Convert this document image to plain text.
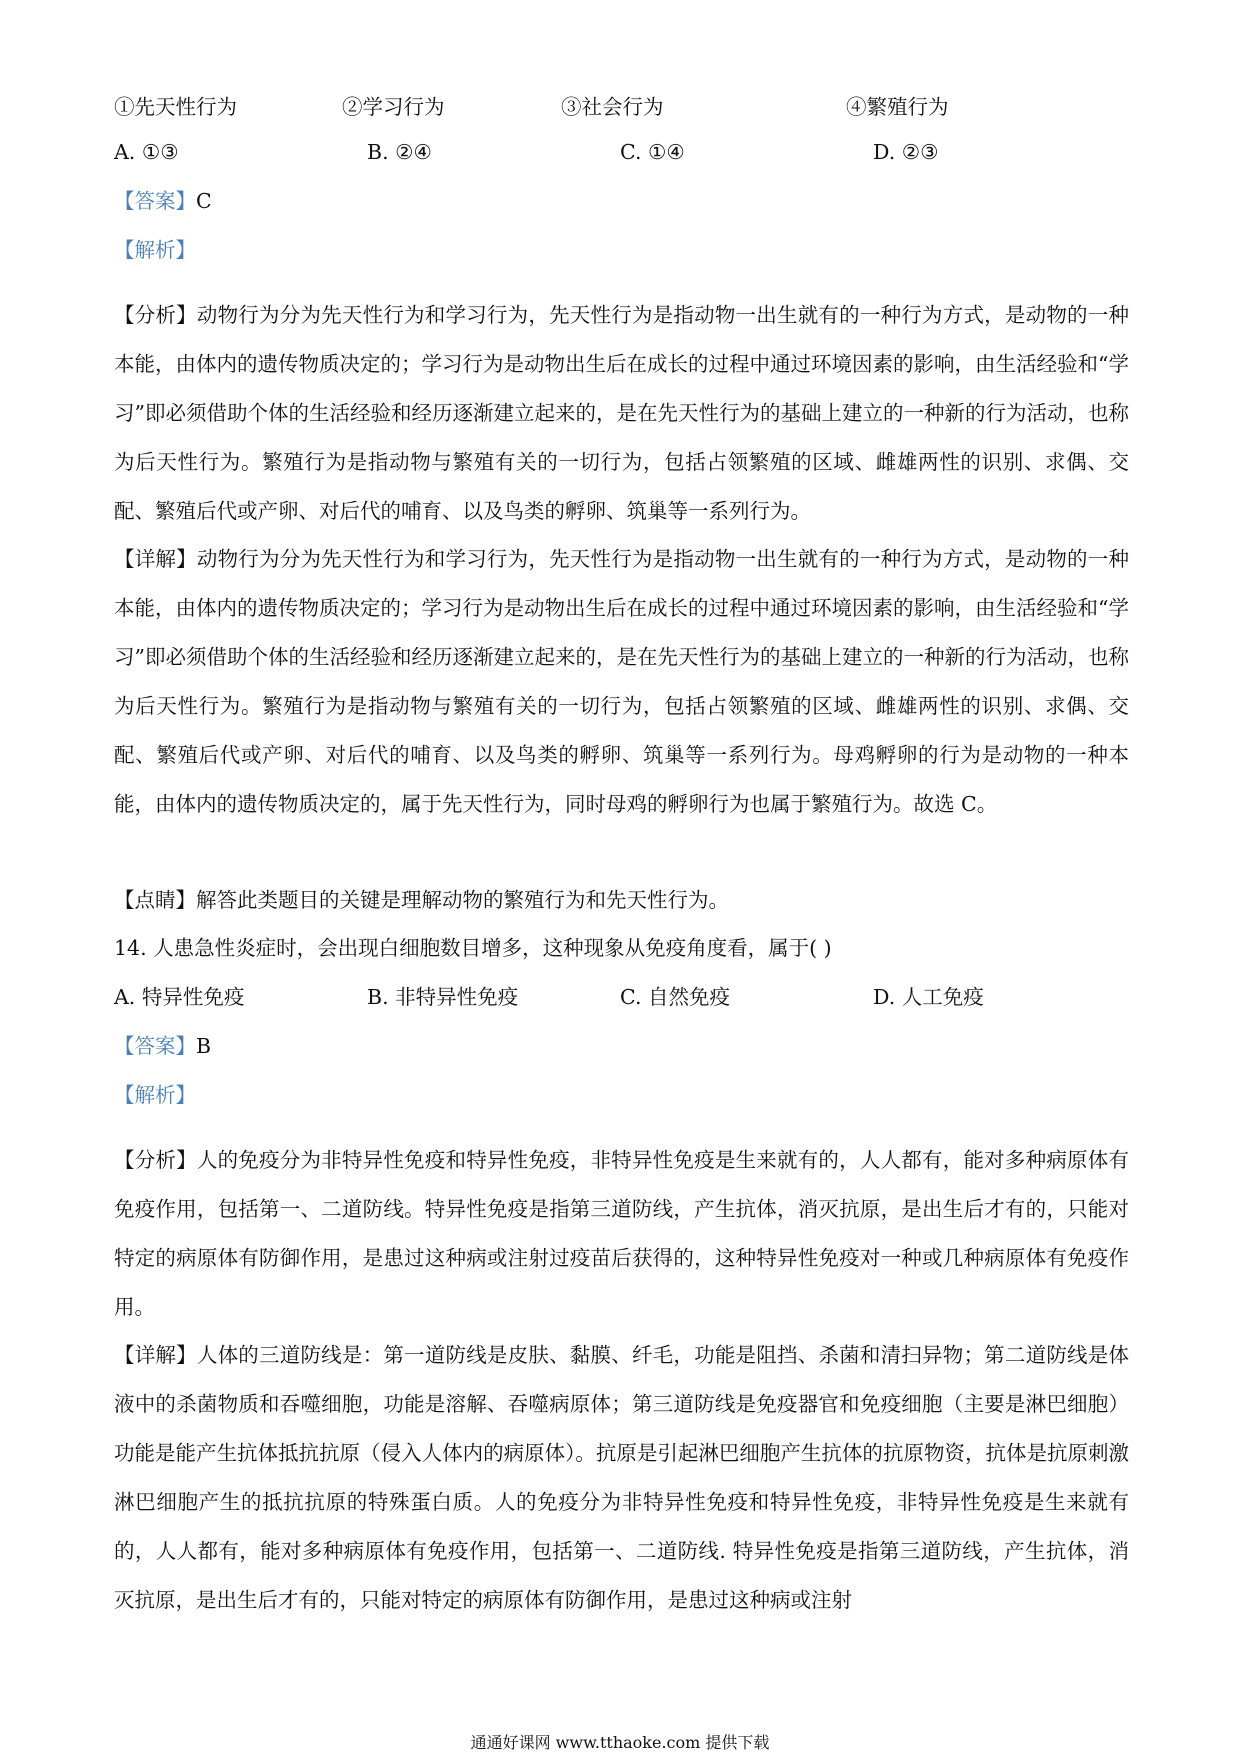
①先天性行为	②学习行为	③社会行为	④繁殖行为
A. ①③	B. ②④	C. ①④	D. ②③
【答案】C
【解析】
【分析】动物行为分为先天性行为和学习行为，先天性行为是指动物一出生就有的一种行为方式，是动物的一种本能，由体内的遗传物质决定的；学习行为是动物出生后在成长的过程中通过环境因素的影响，由生活经验和“学习”即必须借助个体的生活经验和经历逐渐建立起来的，是在先天性行为的基础上建立的一种新的行为活动，也称为后天性行为。繁殖行为是指动物与繁殖有关的一切行为，包括占领繁殖的区域、雌雄两性的识别、求偶、交配、繁殖后代或产卵、对后代的哺育、以及鸟类的孵卵、筑巢等一系列行为。
【详解】动物行为分为先天性行为和学习行为，先天性行为是指动物一出生就有的一种行为方式，是动物的一种本能，由体内的遗传物质决定的；学习行为是动物出生后在成长的过程中通过环境因素的影响，由生活经验和“学习”即必须借助个体的生活经验和经历逐渐建立起来的，是在先天性行为的基础上建立的一种新的行为活动，也称为后天性行为。繁殖行为是指动物与繁殖有关的一切行为，包括占领繁殖的区域、雌雄两性的识别、求偶、交配、繁殖后代或产卵、对后代的哺育、以及鸟类的孵卵、筑巢等一系列行为。母鸡孵卵的行为是动物的一种本能，由体内的遗传物质决定的，属于先天性行为，同时母鸡的孵卵行为也属于繁殖行为。故选 C。
【点睛】解答此类题目的关键是理解动物的繁殖行为和先天性行为。
14. 人患急性炎症时，会出现白细胞数目增多，这种现象从免疫角度看，属于( )
A. 特异性免疫	B. 非特异性免疫	C. 自然免疫	D. 人工免疫
【答案】B
【解析】
【分析】人的免疫分为非特异性免疫和特异性免疫，非特异性免疫是生来就有的，人人都有，能对多种病原体有免疫作用，包括第一、二道防线。特异性免疫是指第三道防线，产生抗体，消灭抗原，是出生后才有的，只能对特定的病原体有防御作用，是患过这种病或注射过疫苗后获得的，这种特异性免疫对一种或几种病原体有免疫作用。
【详解】人体的三道防线是：第一道防线是皮肤、黏膜、纤毛，功能是阻挡、杀菌和清扫异物；第二道防线是体液中的杀菌物质和吞噬细胞，功能是溶解、吞噬病原体；第三道防线是免疫器官和免疫细胞（主要是淋巴细胞）功能是能产生抗体抵抗抗原（侵入人体内的病原体）。抗原是引起淋巴细胞产生抗体的抗原物资，抗体是抗原刺激淋巴细胞产生的抵抗抗原的特殊蛋白质。人的免疫分为非特异性免疫和特异性免疫，非特异性免疫是生来就有的，人人都有，能对多种病原体有免疫作用，包括第一、二道防线. 特异性免疫是指第三道防线，产生抗体，消灭抗原，是出生后才有的，只能对特定的病原体有防御作用，是患过这种病或注射
通通好课网 www.tthaoke.com 提供下载
